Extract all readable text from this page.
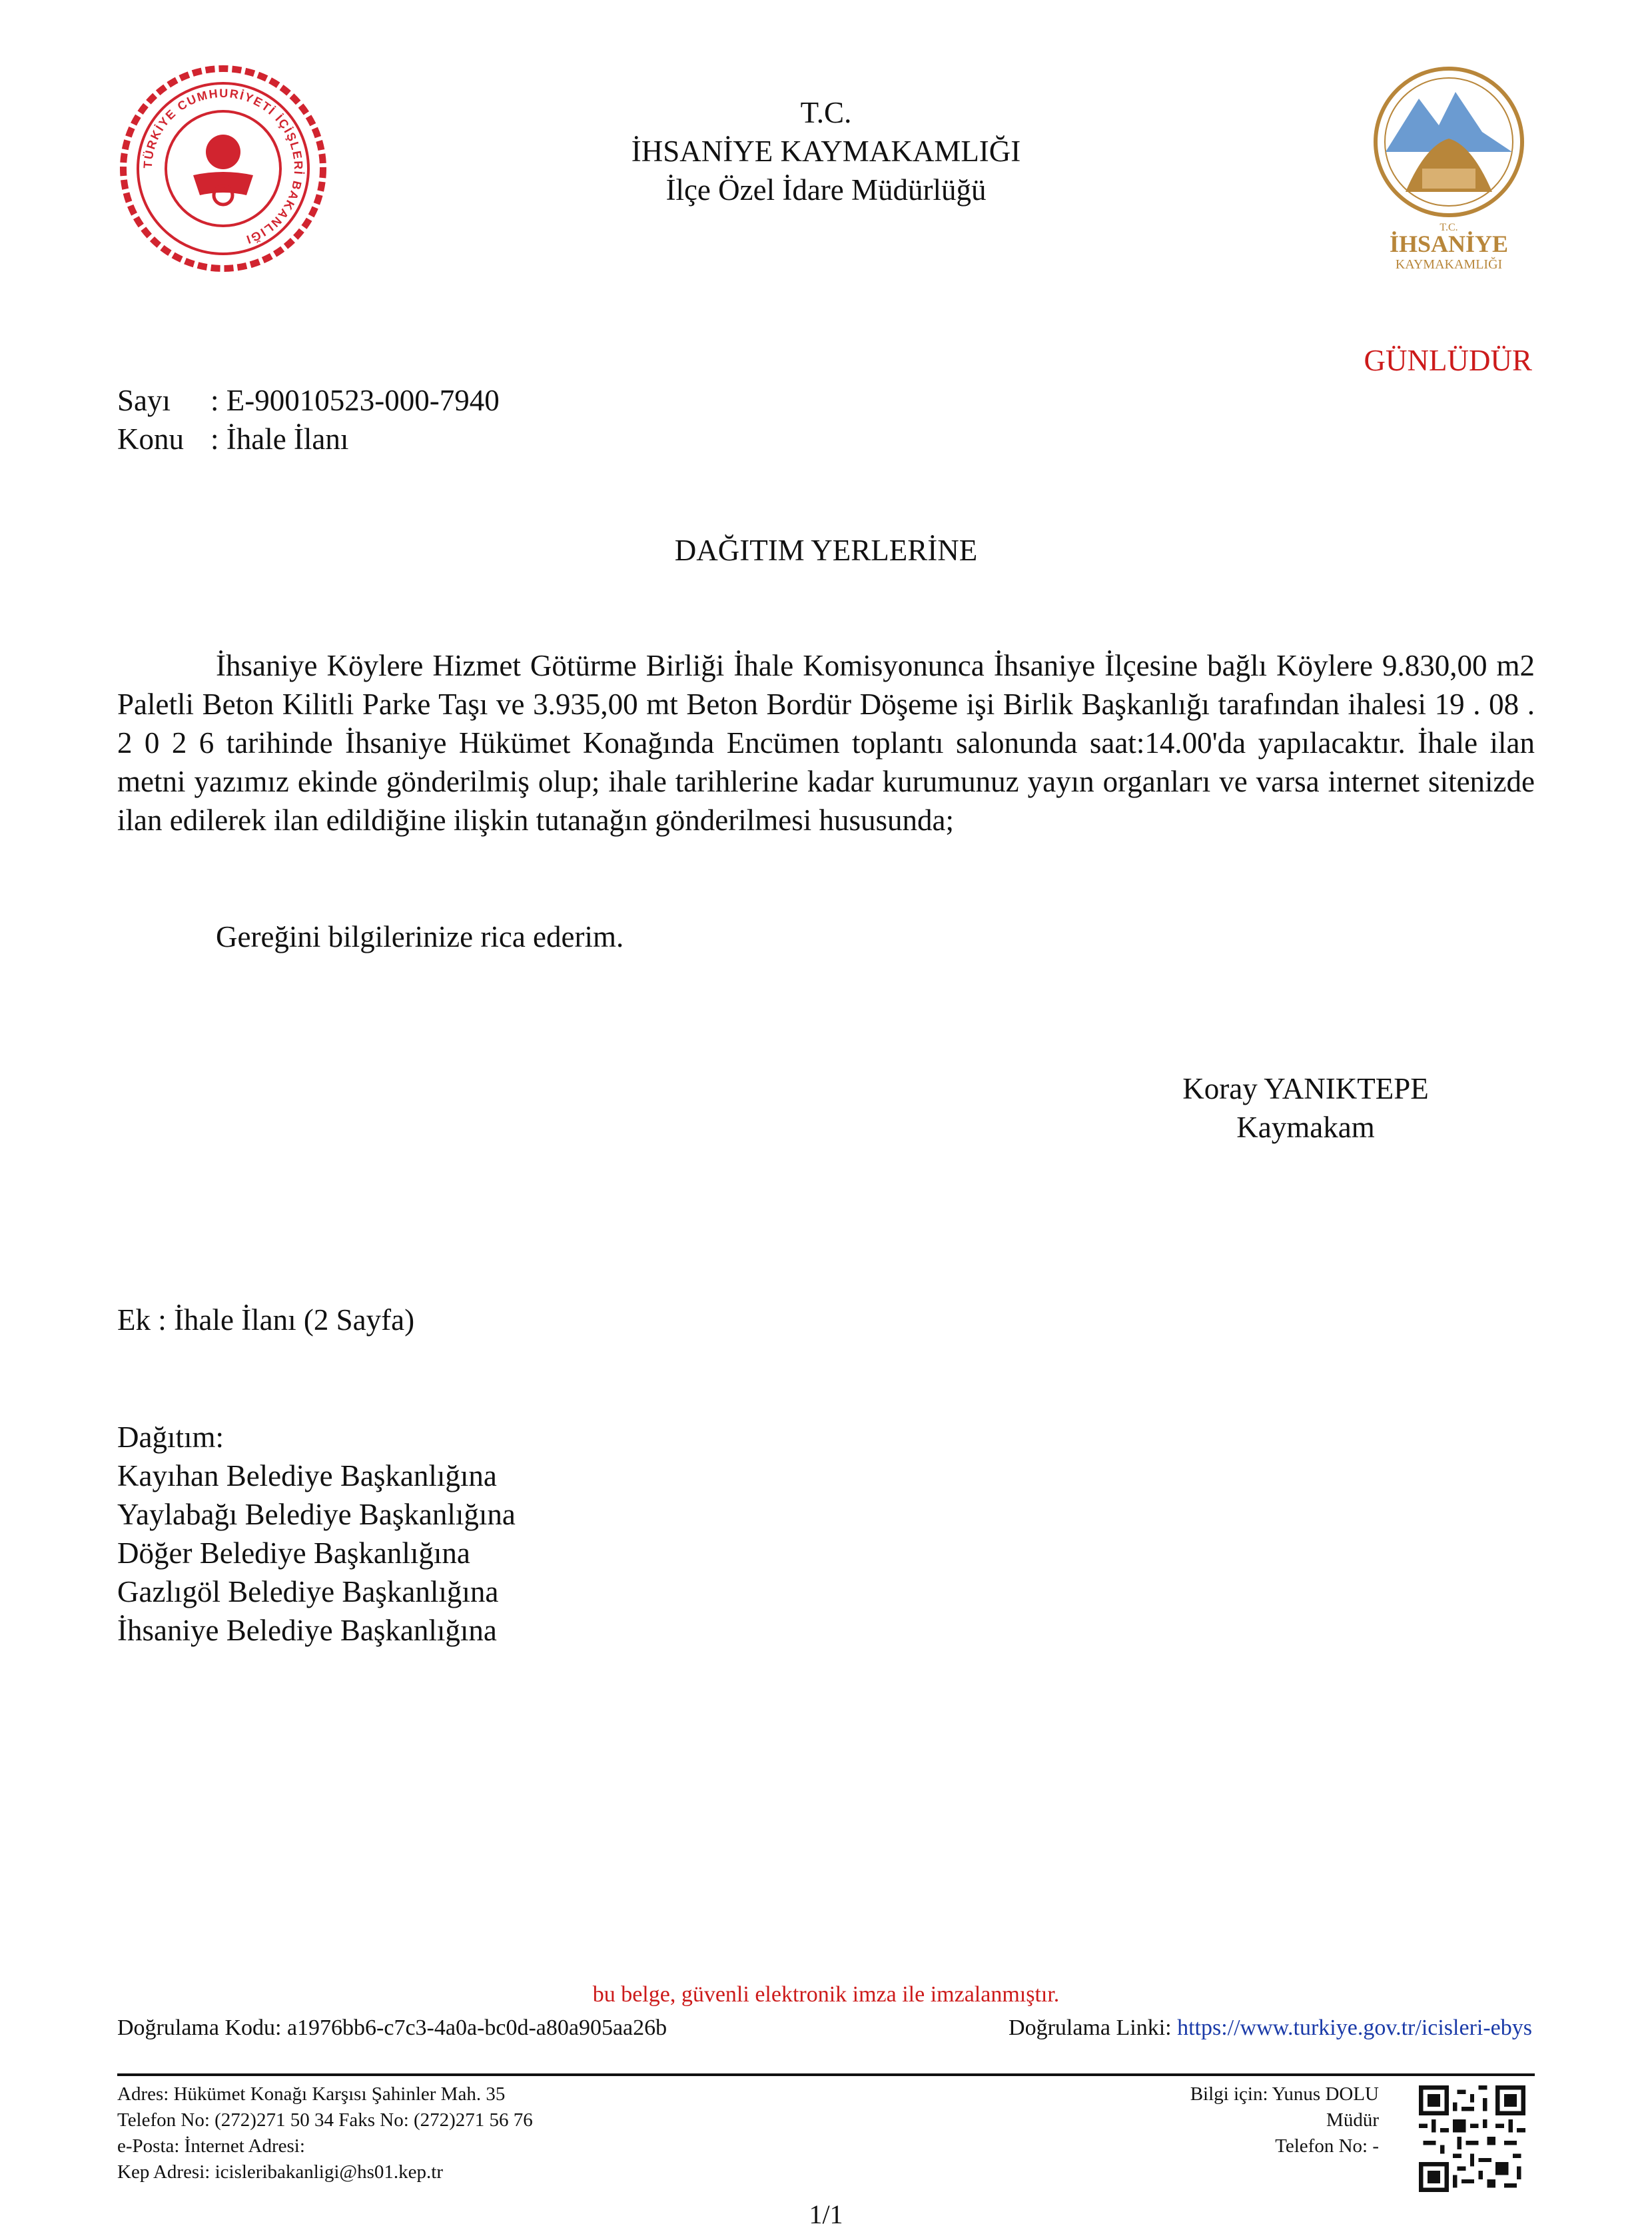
TÜRKİYE CUMHURİYETİ İÇİŞLERİ BAKANLIĞI
T.C.
İHSANİYE
KAYMAKAMLIĞI
T.C.
İHSANİYE KAYMAKAMLIĞI
İlçe Özel İdare Müdürlüğü
GÜNLÜDÜR
Sayı	: E-90010523-000-7940
Konu : İhale İlanı
DAĞITIM YERLERİNE

İhsaniye Köylere Hizmet Götürme Birliği İhale Komisyonunca İhsaniye İlçesine bağlı Köylere 9.830,00 m2 Paletli Beton Kilitli Parke Taşı ve 3.935,00 mt Beton Bordür Döşeme işi Birlik Başkanlığı tarafından ihalesi 19 . 08 . 2 0 2 6 tarihinde İhsaniye Hükümet Konağında Encümen toplantı salonunda saat:14.00'da yapılacaktır. İhale ilan metni yazımız ekinde gönderilmiş olup; ihale tarihlerine kadar kurumunuz yayın organları ve varsa internet sitenizde ilan edilerek ilan edildiğine ilişkin tutanağın gönderilmesi hususunda;

Gereğini bilgilerinize rica ederim.
Koray YANIKTEPE
Kaymakam
Ek : İhale İlanı (2 Sayfa)
Dağıtım:
Kayıhan Belediye Başkanlığına
Yaylabağı Belediye Başkanlığına
Döğer Belediye Başkanlığına
Gazlıgöl Belediye Başkanlığına
İhsaniye Belediye Başkanlığına
bu belge, güvenli elektronik imza ile imzalanmıştır.
Doğrulama Kodu: a1976bb6-c7c3-4a0a-bc0d-a80a905aa26b	Doğrulama Linki: https://www.turkiye.gov.tr/icisleri-ebys
Adres: Hükümet Konağı Karşısı Şahinler Mah. 35
Telefon No: (272)271 50 34 Faks No: (272)271 56 76
e-Posta: İnternet Adresi:
Kep Adresi: icisleribakanligi@hs01.kep.tr
Bilgi için: Yunus DOLU
Müdür
Telefon No: -
1/1
